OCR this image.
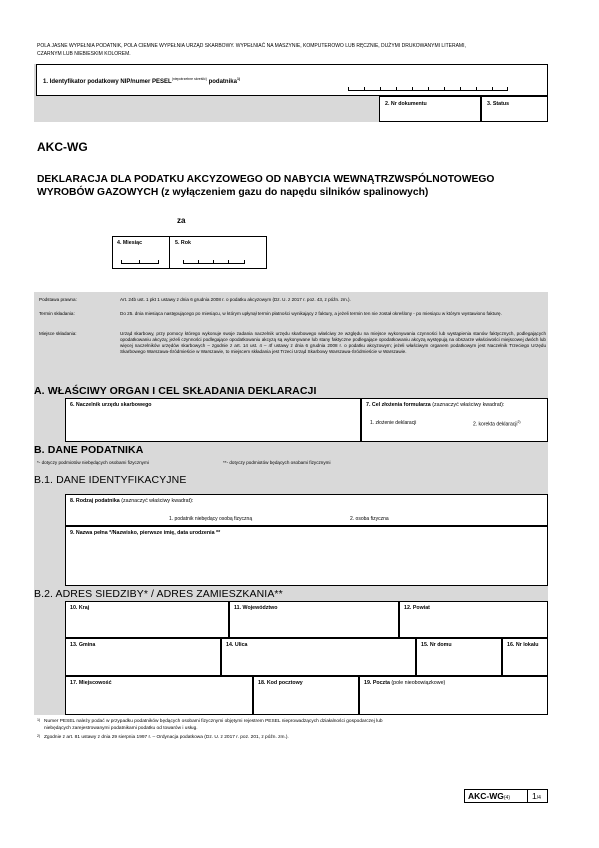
POLA JASNE WYPEŁNIA PODATNIK, POLA CIEMNE WYPEŁNIA URZĄD SKARBOWY. WYPEŁNIAĆ NA MASZYNIE, KOMPUTEROWO LUB RĘCZNIE, DUŻYMI DRUKOWANYMI LITERAMI,
CZARNYM LUB NIEBIESKIM KOLOREM.
1. Identyfikator podatkowy NIP/numer $PESEL^{(niepotrzebne skreślić)}$ podatnika$^{1)}$
2. Nr dokumentu	3. Status
AKC-WG
DEKLARACJA DLA PODATKU AKCYZOWEGO OD NABYCIA WEWNĄTRZWSPÓLNOTOWEGO
WYROBÓW GAZOWYCH (z wyłączeniem gazu do napędu silników spalinowych)
za
4. Miesiąc	5. Rok
Podstawa prawna:	Art. 24b ust. 1 pkt 1 ustawy z dnia 6 grudnia 2008 r. o podatku akcyzowym (Dz. U. z 2017 r. poz. 43, z późn. zm.).
Termin składania:	Do 25. dnia miesiąca następującego po miesiącu, w którym upłynął termin płatności wynikający z faktury, a jeżeli termin ten nie został określony - po miesiącu w którym wystawiono fakturę.
Miejsce składania:	Urząd skarbowy, przy pomocy którego wykonuje swoje zadania naczelnik urzędu skarbowego właściwy ze względu na miejsce wykonywania czynności lub wystąpienia stanów faktycznych, podlegających opodatkowaniu akcyzą; jeżeli czynności podlegające opodatkowaniu akcyzą są wykonywane lub stany faktyczne podlegające opodatkowaniu akcyzą występują na obszarze właściwości miejscowej dwóch lub więcej naczelników urzędów skarbowych – zgodnie z art. 14 ust. 4 – 4f ustawy z dnia 6 grudnia 2008 r. o podatku akcyzowym; jeżeli właściwym organem podatkowym jest Naczelnik Trzeciego Urzędu Skarbowego Warszawa-Śródmieście w Warszawie, to miejscem składania jest Trzeci Urząd Skarbowy Warszawa-Śródmieście w Warszawie.
A. WŁAŚCIWY ORGAN I CEL SKŁADANIA DEKLARACJI
6. Naczelnik urzędu skarbowego	7. Cel złożenia formularza (zaznaczyć właściwy kwadrat):
1. złożenie deklaracji	2. korekta deklaracji$^{2)}$
B. DANE PODATNIKA
*- dotyczy podmiotów niebędących osobami fizycznymi	**- dotyczy podmiotów będących osobami fizycznymi
B.1. DANE IDENTYFIKACYJNE
8. Rodzaj podatnika (zaznaczyć właściwy kwadrat):
1. podatnik niebędący osobą fizyczną	2. osoba fizyczna
9. Nazwa pełna */Nazwisko, pierwsze imię, data urodzenia **
B.2. ADRES SIEDZIBY* / ADRES ZAMIESZKANIA**
10. Kraj	11. Województwo	12. Powiat
13. Gmina	14. Ulica	15. Nr domu	16. Nr lokalu
17. Miejscowość	18. Kod pocztowy	19. Poczta (pole nieobowiązkowe)
1) Numer PESEL należy podać w przypadku podatników będących osobami fizycznymi objętymi rejestrem PESEL nieprowadzących działalności gospodarczej lub
niebędących zarejestrowanymi podatnikami podatku od towarów i usług.
2) Zgodnie z art. 81 ustawy z dnia 29 sierpnia 1997 r. – Ordynacja podatkowa (Dz. U. z 2017 r. poz. 201, z późn. zm.).
AKC-WG(4)	1/4
